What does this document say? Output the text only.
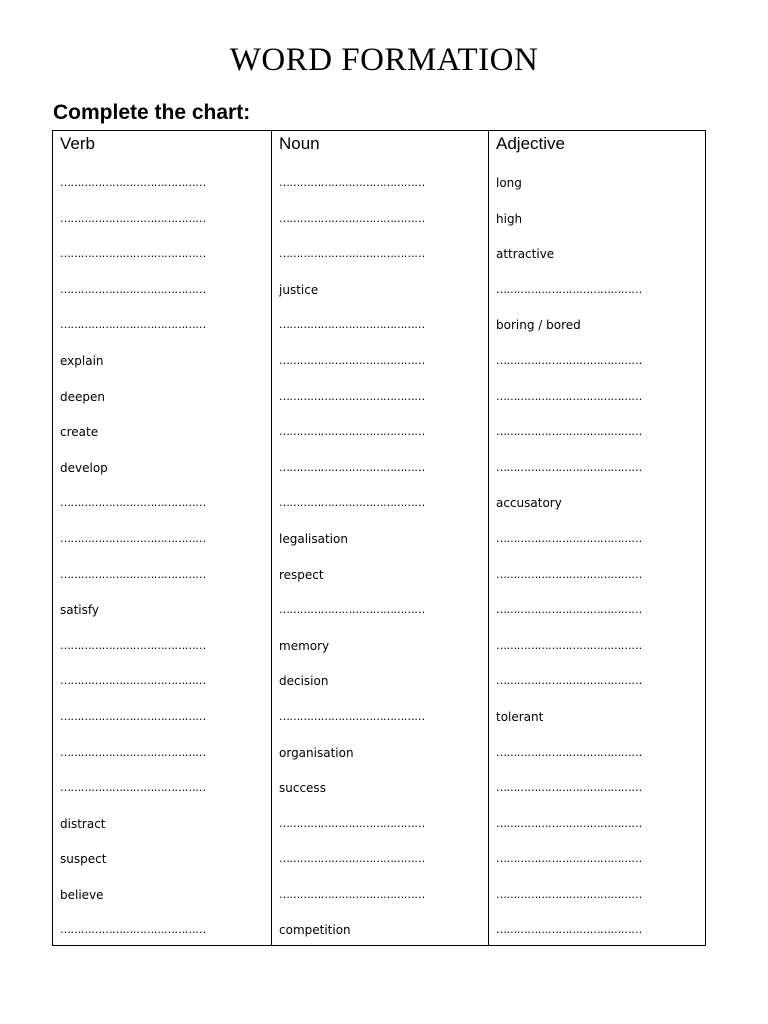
WORD FORMATION
Complete the chart:
Verb
……………………………………
……………………………………
……………………………………
……………………………………
……………………………………
explain
deepen
create
develop
……………………………………
……………………………………
……………………………………
satisfy
……………………………………
……………………………………
……………………………………
……………………………………
……………………………………
distract
suspect
believe
……………………………………
Noun
……………………………………
……………………………………
……………………………………
justice
……………………………………
……………………………………
……………………………………
……………………………………
……………………………………
……………………………………
legalisation
respect
……………………………………
memory
decision
……………………………………
organisation
success
……………………………………
……………………………………
……………………………………
competition
Adjective
long
high
attractive
……………………………………
boring / bored
……………………………………
……………………………………
……………………………………
……………………………………
accusatory
……………………………………
……………………………………
……………………………………
……………………………………
……………………………………
tolerant
……………………………………
……………………………………
……………………………………
……………………………………
……………………………………
……………………………………
